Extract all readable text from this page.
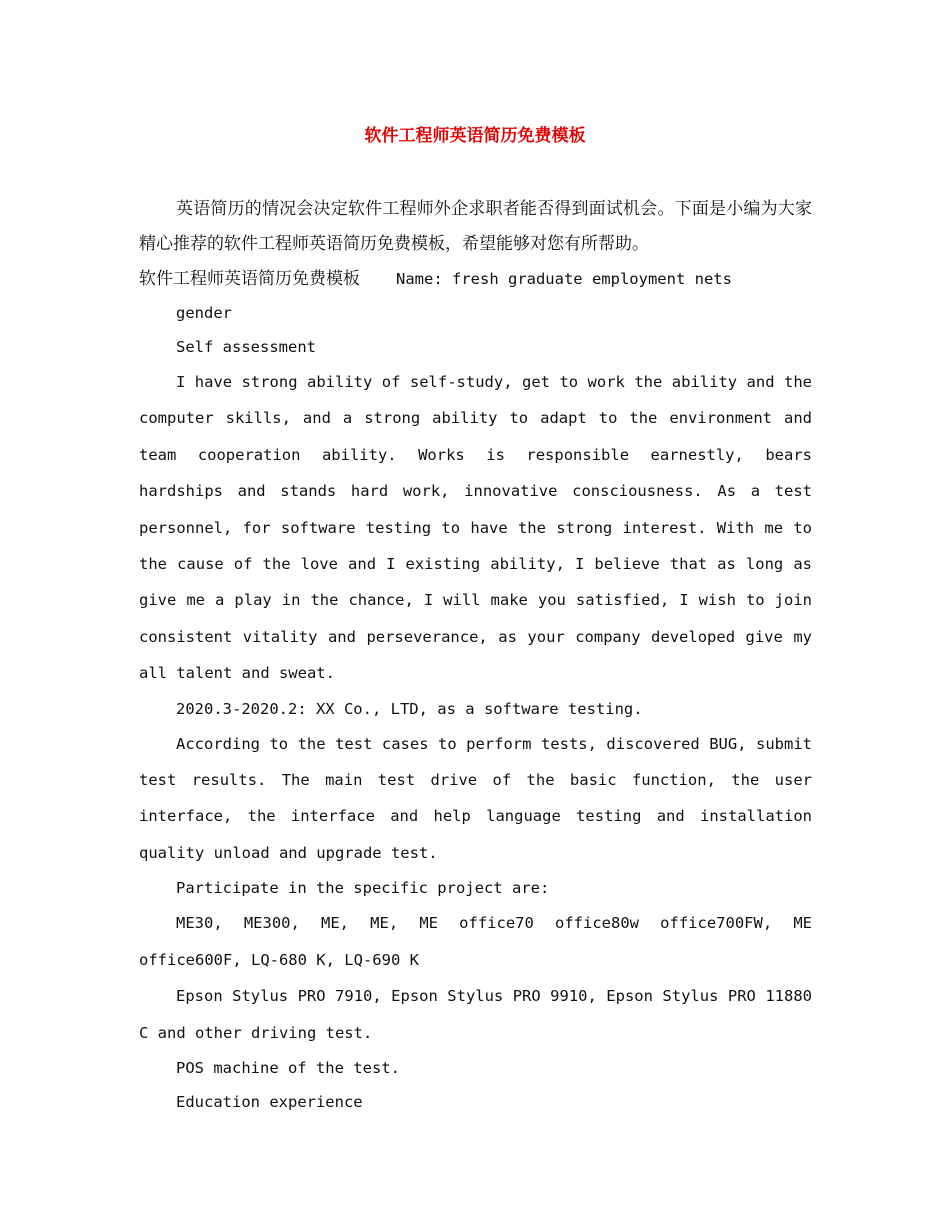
软件工程师英语简历免费模板

英语简历的情况会决定软件工程师外企求职者能否得到面试机会。下面是小编为大家精心推荐的软件工程师英语简历免费模板，希望能够对您有所帮助。

软件工程师英语简历免费模板 Name: fresh graduate employment nets
gender
Self assessment

I have strong ability of self-study, get to work the ability and the computer skills, and a strong ability to adapt to the environment and team cooperation ability. Works is responsible earnestly, bears hardships and stands hard work, innovative consciousness. As a test personnel, for software testing to have the strong interest. With me to the cause of the love and I existing ability, I believe that as long as give me a play in the chance, I will make you satisfied, I wish to join consistent vitality and perseverance, as your company developed give my all talent and sweat.

2020.3-2020.2: XX Co., LTD, as a software testing.

According to the test cases to perform tests, discovered BUG, submit test results. The main test drive of the basic function, the user interface, the interface and help language testing and installation quality unload and upgrade test.

Participate in the specific project are:

ME30, ME300, ME, ME, ME office70 office80w office700FW, ME office600F, LQ-680 K, LQ-690 K

Epson Stylus PRO 7910, Epson Stylus PRO 9910, Epson Stylus PRO 11880 C and other driving test.

POS machine of the test.
Education experience
